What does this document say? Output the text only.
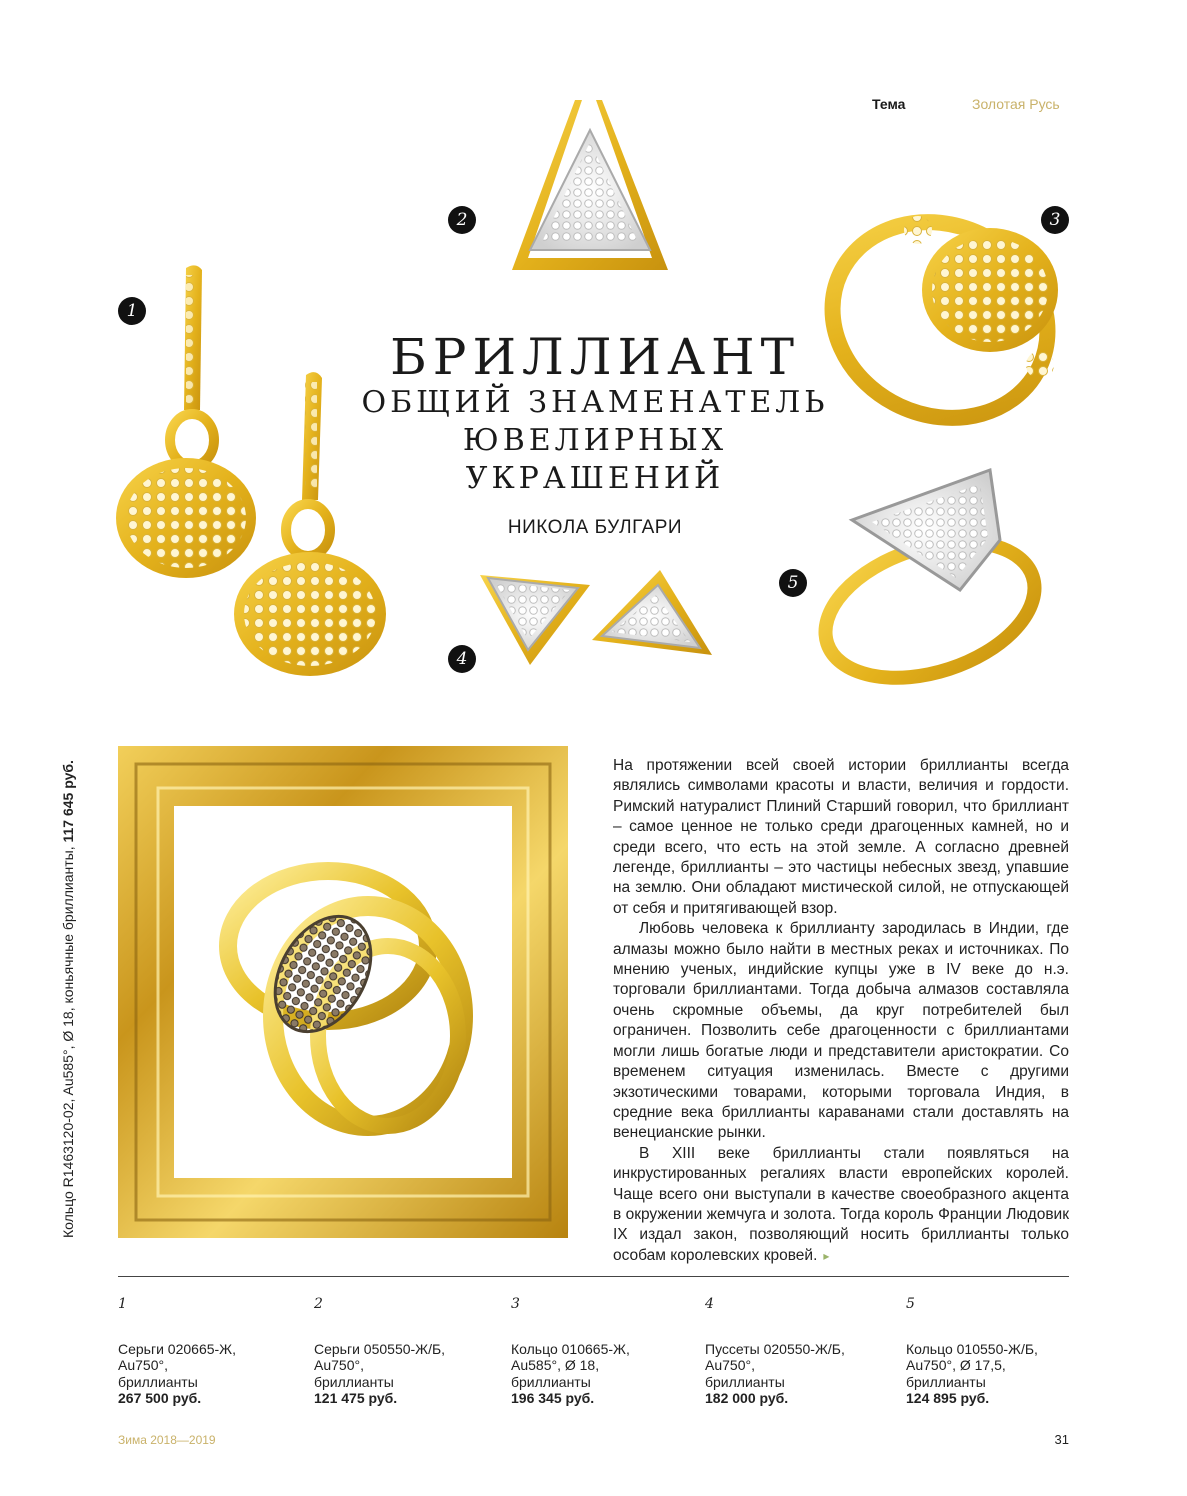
Тема	Золотая Русь
1
2	3
4
5
БРИЛЛИАНТ
ОБЩИЙ ЗНАМЕНАТЕЛЬ
ЮВЕЛИРНЫХ
УКРАШЕНИЙ
НИКОЛА БУЛГАРИ
Кольцо R1463120-02, Au585°, Ø 18, коньячные бриллианты, 117 645 руб.	На протяжении всей своей истории бриллианты всегда являлись символами красоты и власти, величия и гордости. Римский натуралист Плиний Старший говорил, что бриллиант – самое ценное не только среди драгоценных камней, но и среди всего, что есть на этой земле. А согласно древней легенде, бриллианты – это частицы небесных звезд, упавшие на землю. Они обладают мистической силой, не отпускающей от себя и притягивающей взор.

Любовь человека к бриллианту зародилась в Индии, где алмазы можно было найти в местных реках и источниках. По мнению ученых, индийские купцы уже в IV веке до н.э. торговали бриллиантами. Тогда добыча алмазов составляла очень скромные объемы, да круг потребителей был ограничен. Позволить себе драгоценности с бриллиантами могли лишь богатые люди и представители аристократии. Со временем ситуация изменилась. Вместе с другими экзотическими товарами, которыми торговала Индия, в средние века бриллианты караванами стали доставлять на венецианские рынки.

В XIII веке бриллианты стали появляться на инкрустированных регалиях власти европейских королей. Чаще всего они выступали в качестве своеобразного акцента в окружении жемчуга и золота. Тогда король Франции Людовик IX издал закон, позволяющий носить бриллианты только особам королевских кровей. ▸

1
Серьги 020665-Ж,
Au750°,
бриллианты
267 500 руб.
2
Серьги 050550-Ж/Б,
Au750°,
бриллианты
121 475 руб.
3
Кольцо 010665-Ж,
Au585°, Ø 18,
бриллианты
196 345 руб.
4
Пуссеты 020550-Ж/Б,
Au750°,
бриллианты
182 000 руб.
5
Кольцо 010550-Ж/Б,
Au750°, Ø 17,5,
бриллианты
124 895 руб.
Зима 2018—2019	31
